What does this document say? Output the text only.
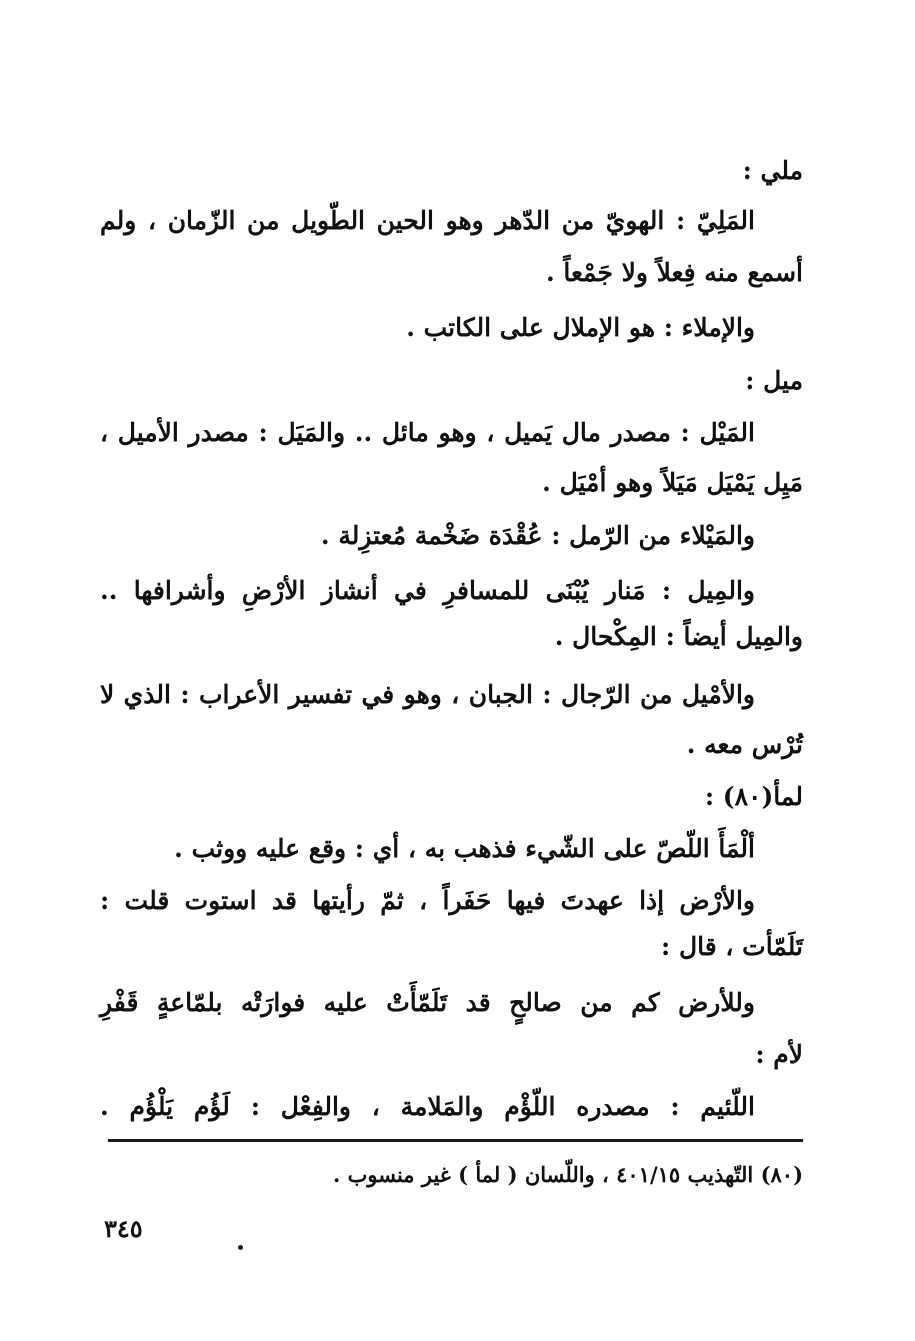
ملي :
المَلِيّ : الهويّ من الدّهر وهو الحين الطّويل من الزّمان ، ولم
أسمع منه فِعلاً ولا جَمْعاً .
والإملاء : هو الإملال على الكاتب .
ميل :
المَيْل : مصدر مال يَميل ، وهو مائل .. والمَيَل : مصدر الأميل ،
مَيِل يَمْيَل مَيَلاً وهو أمْيَل .
والمَيْلاء من الرّمل : عُقْدَة ضَخْمة مُعتزِلة .
والمِيل : مَنار يُبْنَى للمسافرِ في أنشاز الأرْضِ وأشرافها ..
والمِيل أيضاً : المِكْحال .
والأمْيل من الرّجال : الجبان ، وهو في تفسير الأعراب : الذي لا
تُرْس معه .
لمأ(٨٠) :
ألْمَأَ اللّصّ على الشّيء فذهب به ، أي : وقع عليه ووثب .
والأرْض إذا عهدتَ فيها حَفَراً ، ثمّ رأيتها قد استوت قلت :
تَلَمّأت ، قال :
وللأرض كم من صالحٍ قد تَلَمّأَتْ عليه فوارَتْه بلمّاعةٍ قَفْرِ
لأم :
اللّئيم : مصدره اللّؤْم والمَلامة ، والفِعْل : لَؤُم يَلْؤُم .
(٨٠) التّهذيب ٤٠١/١٥ ، واللّسان ( لمأ ) غير منسوب .
٣٤٥
